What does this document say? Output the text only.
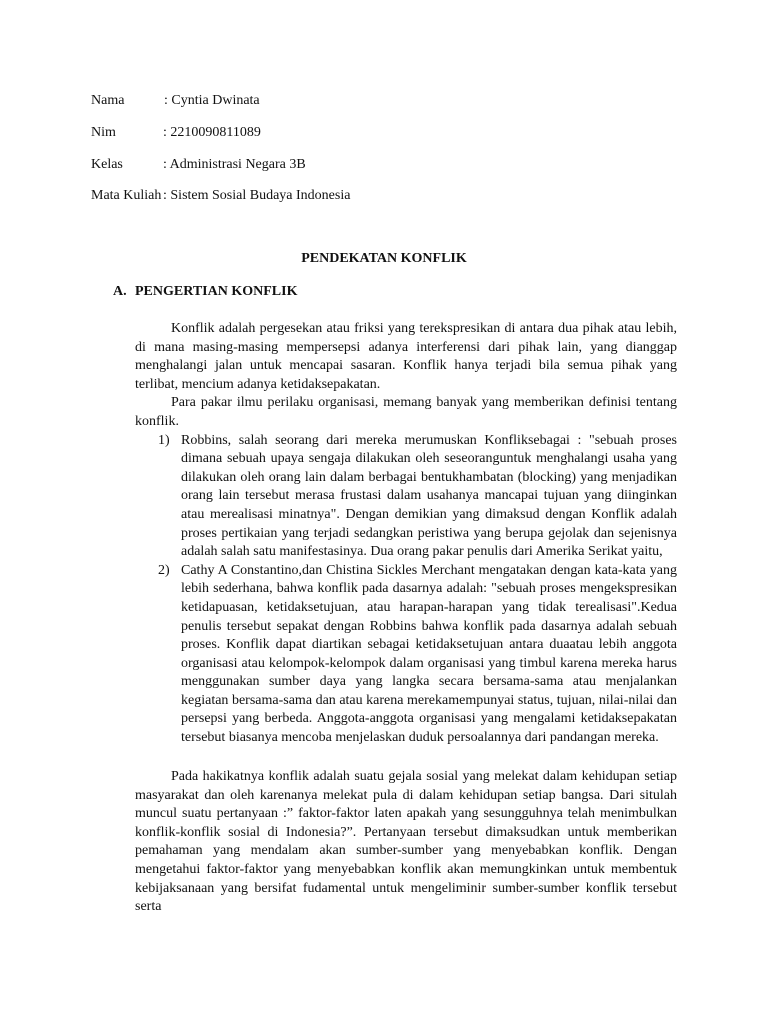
Nama	: Cyntia Dwinata
Nim	: 2210090811089
Kelas	: Administrasi Negara 3B
Mata Kuliah : Sistem Sosial Budaya Indonesia
PENDEKATAN KONFLIK
A. PENGERTIAN KONFLIK

Konflik adalah pergesekan atau friksi yang terekspresikan di antara dua pihak atau lebih, di mana masing-masing mempersepsi adanya interferensi dari pihak lain, yang dianggap menghalangi jalan untuk mencapai sasaran. Konflik hanya terjadi bila semua pihak yang terlibat, mencium adanya ketidaksepakatan.

Para pakar ilmu perilaku organisasi, memang banyak yang memberikan definisi tentang konflik.

1) Robbins, salah seorang dari mereka merumuskan Konfliksebagai : "sebuah proses dimana sebuah upaya sengaja dilakukan oleh seseoranguntuk menghalangi usaha yang dilakukan oleh orang lain dalam berbagai bentukhambatan (blocking) yang menjadikan orang lain tersebut merasa frustasi dalam usahanya mancapai tujuan yang diinginkan atau merealisasi minatnya". Dengan demikian yang dimaksud dengan Konflik adalah proses pertikaian yang terjadi sedangkan peristiwa yang berupa gejolak dan sejenisnya adalah salah satu manifestasinya. Dua orang pakar penulis dari Amerika Serikat yaitu,
2) Cathy A Constantino,dan Chistina Sickles Merchant mengatakan dengan kata-kata yang lebih sederhana, bahwa konflik pada dasarnya adalah: "sebuah proses mengekspresikan ketidapuasan, ketidaksetujuan, atau harapan-harapan yang tidak terealisasi".Kedua penulis tersebut sepakat dengan Robbins bahwa konflik pada dasarnya adalah sebuah proses. Konflik dapat diartikan sebagai ketidaksetujuan antara duaatau lebih anggota organisasi atau kelompok-kelompok dalam organisasi yang timbul karena mereka harus menggunakan sumber daya yang langka secara bersama-sama atau menjalankan kegiatan bersama-sama dan atau karena merekamempunyai status, tujuan, nilai-nilai dan persepsi yang berbeda. Anggota-anggota organisasi yang mengalami ketidaksepakatan tersebut biasanya mencoba menjelaskan duduk persoalannya dari pandangan mereka.

Pada hakikatnya konflik adalah suatu gejala sosial yang melekat dalam kehidupan setiap masyarakat dan oleh karenanya melekat pula di dalam kehidupan setiap bangsa. Dari situlah muncul suatu pertanyaan :” faktor-faktor laten apakah yang sesungguhnya telah menimbulkan konflik-konflik sosial di Indonesia?”. Pertanyaan tersebut dimaksudkan untuk memberikan pemahaman yang mendalam akan sumber-sumber yang menyebabkan konflik. Dengan mengetahui faktor-faktor yang menyebabkan konflik akan memungkinkan untuk membentuk kebijaksanaan yang bersifat fudamental untuk mengeliminir sumber-sumber konflik tersebut serta
